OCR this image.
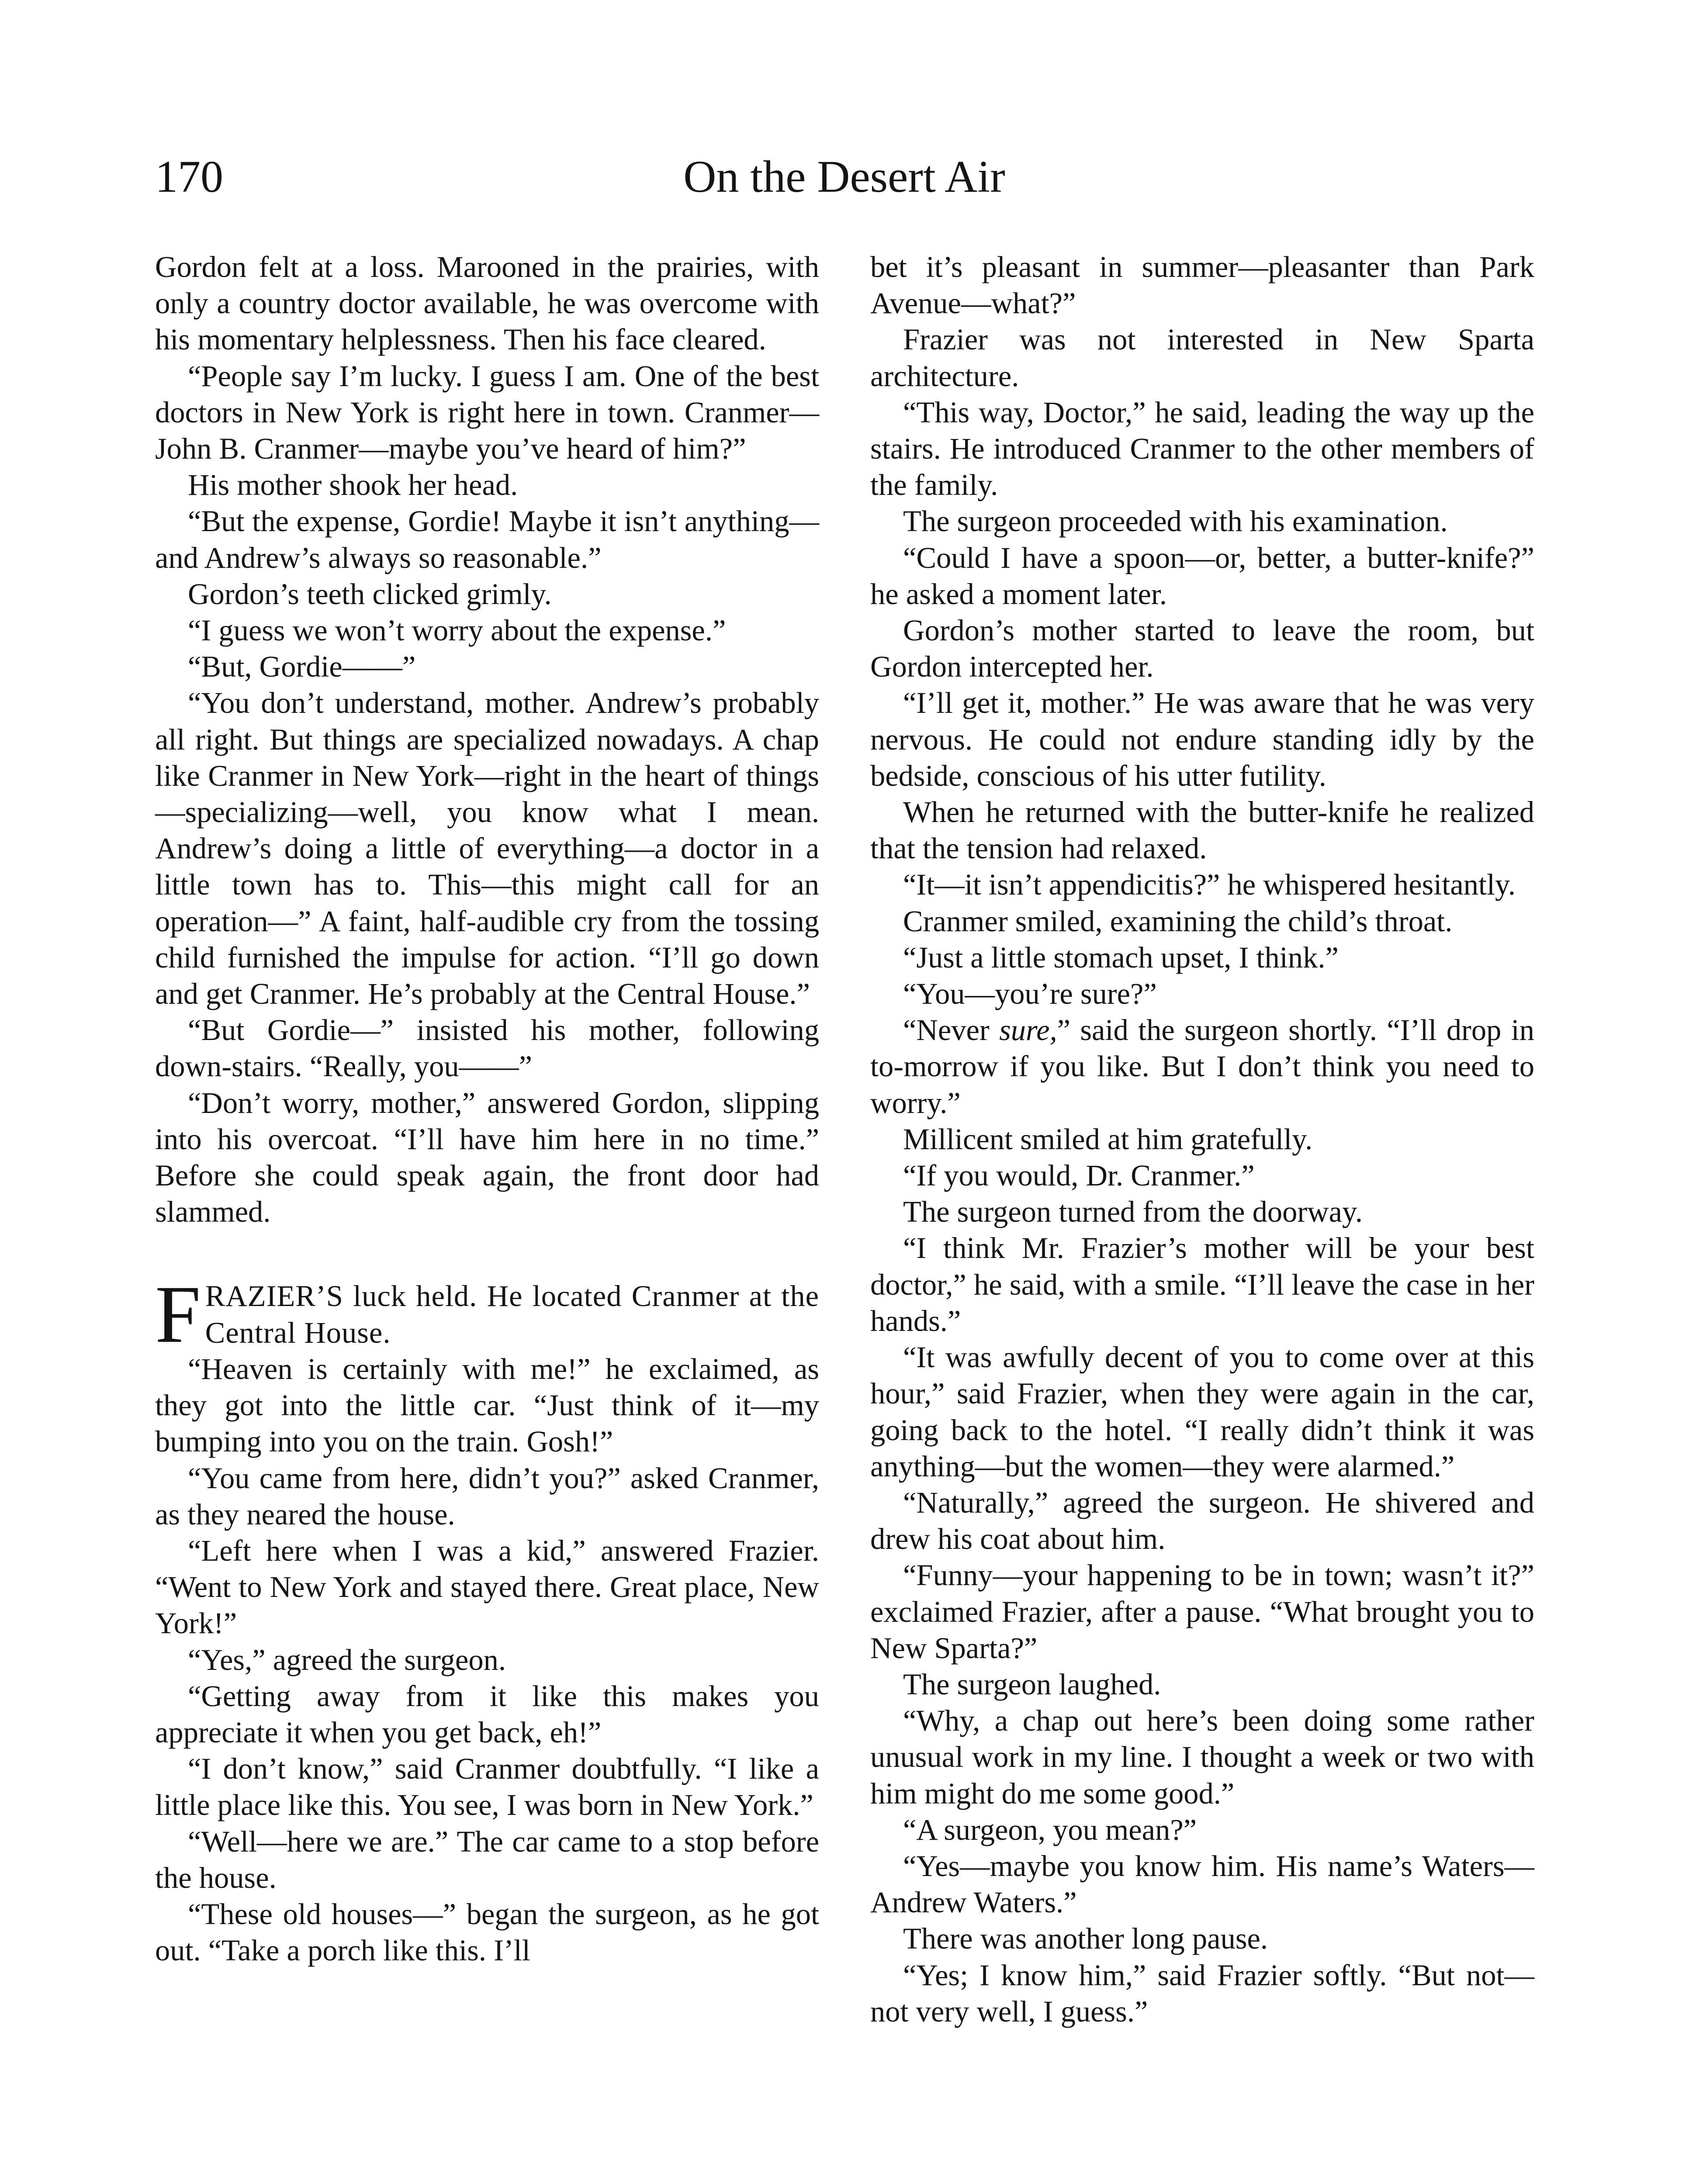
170	On the Desert Air

Gordon felt at a loss. Marooned in the prairies, with only a country doctor available, he was overcome with his momentary helplessness. Then his face cleared.

“People say I’m lucky. I guess I am. One of the best doctors in New York is right here in town. Cranmer—John B. Cranmer—maybe you’ve heard of him?”

His mother shook her head.

“But the expense, Gordie! Maybe it isn’t anything—and Andrew’s always so reasonable.”

Gordon’s teeth clicked grimly.

“I guess we won’t worry about the expense.”

“But, Gordie——”

“You don’t understand, mother. Andrew’s probably all right. But things are specialized nowadays. A chap like Cranmer in New York—right in the heart of things—specializing—well, you know what I mean. Andrew’s doing a little of everything—a doctor in a little town has to. This—this might call for an operation—” A faint, half-audible cry from the tossing child furnished the impulse for action. “I’ll go down and get Cranmer. He’s probably at the Central House.”

“But Gordie—” insisted his mother, following down-stairs. “Really, you——”

“Don’t worry, mother,” answered Gordon, slipping into his overcoat. “I’ll have him here in no time.” Before she could speak again, the front door had slammed.

FRAZIER’S luck held. He located Cranmer at the Central House.

“Heaven is certainly with me!” he exclaimed, as they got into the little car. “Just think of it—my bumping into you on the train. Gosh!”

“You came from here, didn’t you?” asked Cranmer, as they neared the house.

“Left here when I was a kid,” answered Frazier. “Went to New York and stayed there. Great place, New York!”

“Yes,” agreed the surgeon.

“Getting away from it like this makes you appreciate it when you get back, eh!”

“I don’t know,” said Cranmer doubtfully. “I like a little place like this. You see, I was born in New York.”

“Well—here we are.” The car came to a stop before the house.

“These old houses—” began the surgeon, as he got out. “Take a porch like this. I’ll

bet it’s pleasant in summer—pleasanter than Park Avenue—what?”

Frazier was not interested in New Sparta architecture.

“This way, Doctor,” he said, leading the way up the stairs. He introduced Cranmer to the other members of the family.

The surgeon proceeded with his examination.

“Could I have a spoon—or, better, a butter-knife?” he asked a moment later.

Gordon’s mother started to leave the room, but Gordon intercepted her.

“I’ll get it, mother.” He was aware that he was very nervous. He could not endure standing idly by the bedside, conscious of his utter futility.

When he returned with the butter-knife he realized that the tension had relaxed.

“It—it isn’t appendicitis?” he whispered hesitantly.

Cranmer smiled, examining the child’s throat.

“Just a little stomach upset, I think.”

“You—you’re sure?”

“Never sure,” said the surgeon shortly. “I’ll drop in to-morrow if you like. But I don’t think you need to worry.”

Millicent smiled at him gratefully.

“If you would, Dr. Cranmer.”

The surgeon turned from the doorway.

“I think Mr. Frazier’s mother will be your best doctor,” he said, with a smile. “I’ll leave the case in her hands.”

“It was awfully decent of you to come over at this hour,” said Frazier, when they were again in the car, going back to the hotel. “I really didn’t think it was anything—but the women—they were alarmed.”

“Naturally,” agreed the surgeon. He shivered and drew his coat about him.

“Funny—your happening to be in town; wasn’t it?” exclaimed Frazier, after a pause. “What brought you to New Sparta?”

The surgeon laughed.

“Why, a chap out here’s been doing some rather unusual work in my line. I thought a week or two with him might do me some good.”

“A surgeon, you mean?”

“Yes—maybe you know him. His name’s Waters—Andrew Waters.”

There was another long pause.

“Yes; I know him,” said Frazier softly. “But not—not very well, I guess.”
